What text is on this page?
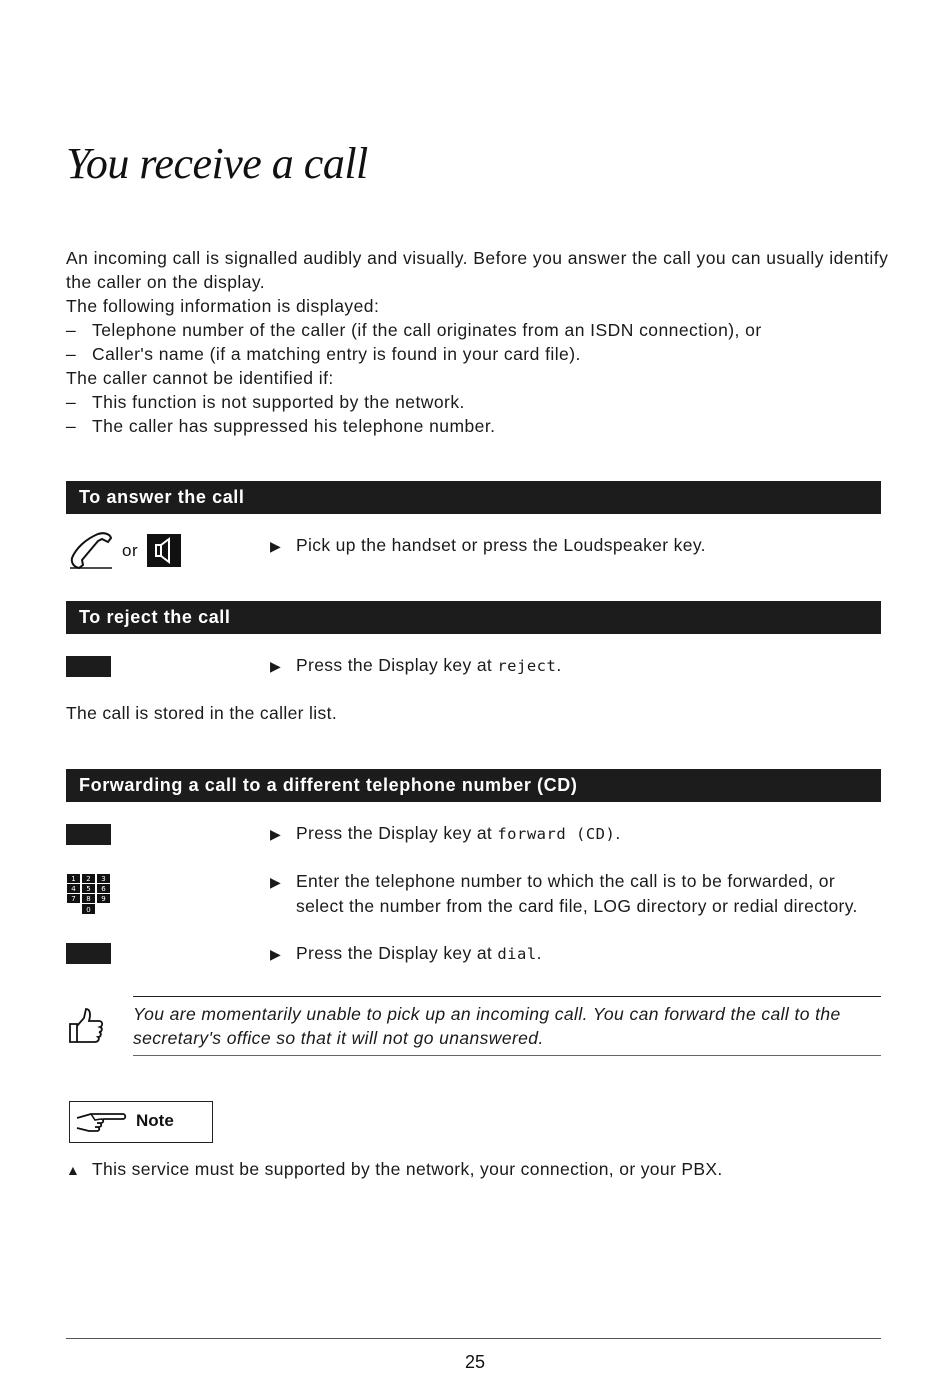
You receive a call
An incoming call is signalled audibly and visually. Before you answer the call you can usually identify
the caller on the display.
The following information is displayed:
– Telephone number of the caller (if the call originates from an ISDN connection), or
– Caller's name (if a matching entry is found in your card file).
The caller cannot be identified if:
– This function is not supported by the network.
– The caller has suppressed his telephone number.
To answer the call
or	▶ Pick up the handset or press the Loudspeaker key.
To reject the call
▶ Press the Display key at reject.
The call is stored in the caller list.
Forwarding a call to a different telephone number (CD)
▶ Press the Display key at forward (CD).
1 2 3
4 5 6
7 8 9
0
▶ Enter the telephone number to which the call is to be forwarded, or
select the number from the card file, LOG directory or redial directory.
▶ Press the Display key at dial.
You are momentarily unable to pick up an incoming call. You can forward the call to the
secretary's office so that it will not go unanswered.
Note
▲ This service must be supported by the network, your connection, or your PBX.
25
